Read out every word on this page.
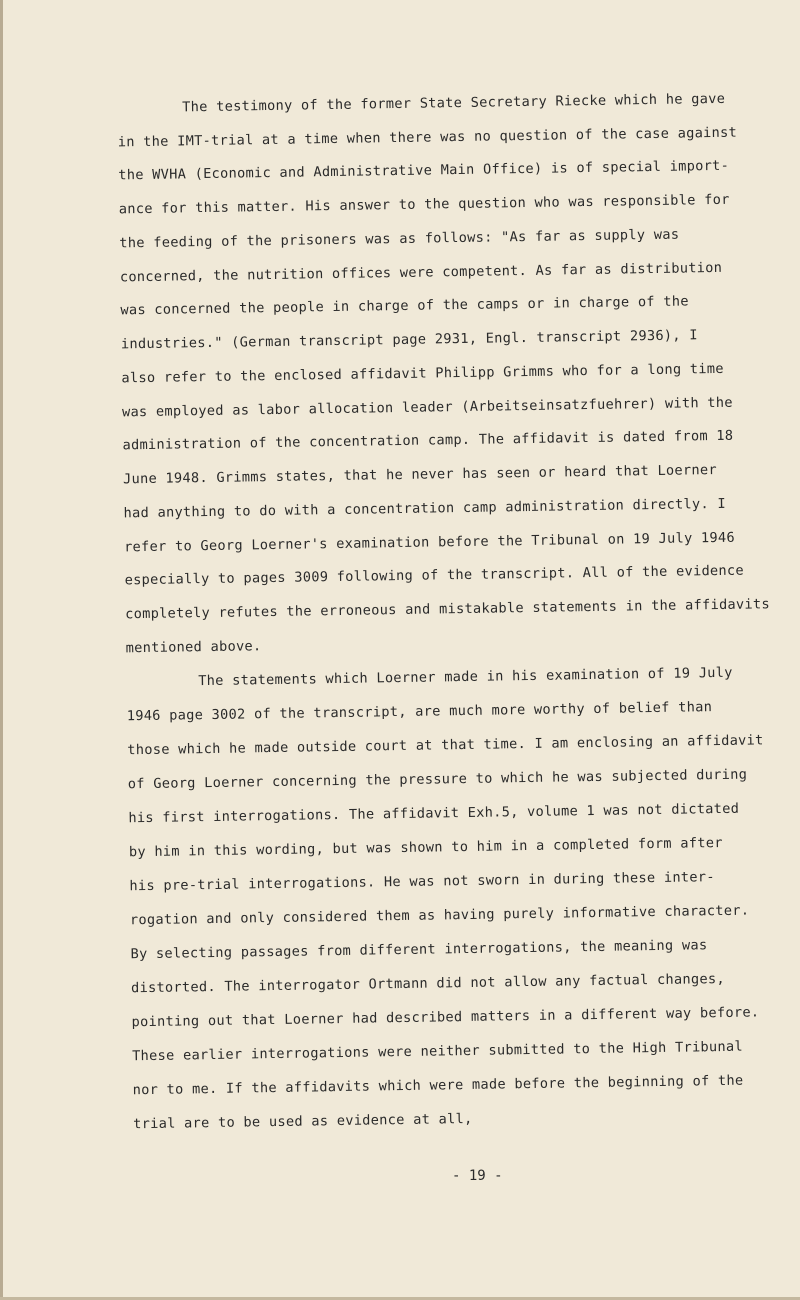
The testimony of the former State Secretary Riecke which he gave
in the IMT-trial at a time when there was no question of the case against
the WVHA (Economic and Administrative Main Office) is of special import-
ance for this matter. His answer to the question who was responsible for
the feeding of the prisoners was as follows: "As far as supply was
concerned, the nutrition offices were competent. As far as distribution
was concerned the people in charge of the camps or in charge of the
industries." (German transcript page 2931, Engl. transcript 2936), I
also refer to the enclosed affidavit Philipp Grimms who for a long time
was employed as labor allocation leader (Arbeitseinsatzfuehrer) with the
administration of the concentration camp. The affidavit is dated from 18
June 1948. Grimms states, that he never has seen or heard that Loerner
had anything to do with a concentration camp administration directly. I
refer to Georg Loerner's examination before the Tribunal on 19 July 1946
especially to pages 3009 following of the transcript. All of the evidence
completely refutes the erroneous and mistakable statements in the affidavits
mentioned above.
The statements which Loerner made in his examination of 19 July
1946 page 3002 of the transcript, are much more worthy of belief than
those which he made outside court at that time. I am enclosing an affidavit
of Georg Loerner concerning the pressure to which he was subjected during
his first interrogations. The affidavit Exh.5, volume 1 was not dictated
by him in this wording, but was shown to him in a completed form after
his pre-trial interrogations. He was not sworn in during these inter-
rogation and only considered them as having purely informative character.
By selecting passages from different interrogations, the meaning was
distorted. The interrogator Ortmann did not allow any factual changes,
pointing out that Loerner had described matters in a different way before.
These earlier interrogations were neither submitted to the High Tribunal
nor to me. If the affidavits which were made before the beginning of the
trial are to be used as evidence at all,
- 19 -
